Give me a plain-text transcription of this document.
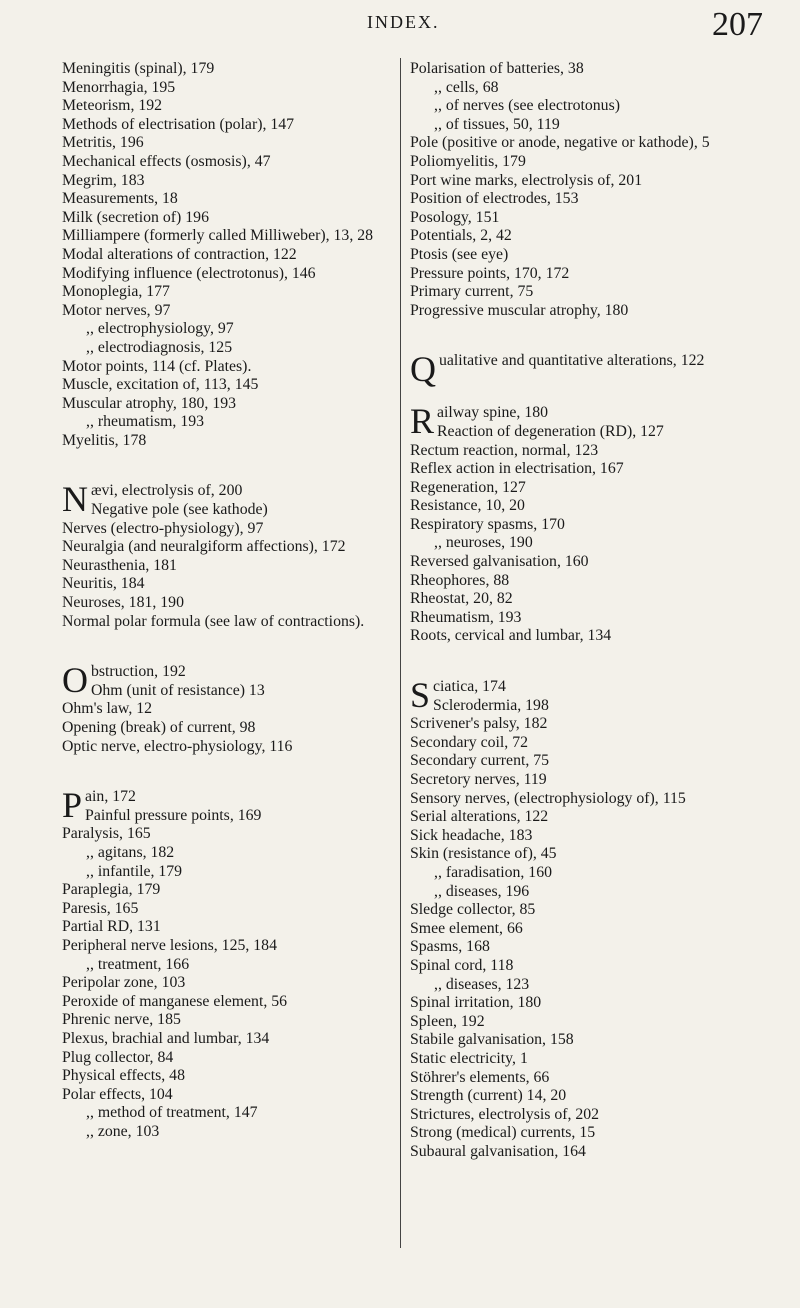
INDEX.	207
Meningitis (spinal), 179
Menorrhagia, 195
Meteorism, 192
Methods of electrisation (polar), 147
Metritis, 196
Mechanical effects (osmosis), 47
Megrim, 183
Measurements, 18
Milk (secretion of) 196
Milliampere (formerly called Milliweber), 13, 28
Modal alterations of contraction, 122
Modifying influence (electrotonus), 146
Monoplegia, 177
Motor nerves, 97
,, electrophysiology, 97
,, electrodiagnosis, 125
Motor points, 114 (cf. Plates).
Muscle, excitation of, 113, 145
Muscular atrophy, 180, 193
,, rheumatism, 193
Myelitis, 178
N ævi, electrolysis of, 200
Negative pole (see kathode)
Nerves (electro-physiology), 97
Neuralgia (and neuralgiform affections), 172
Neurasthenia, 181
Neuritis, 184
Neuroses, 181, 190
Normal polar formula (see law of contractions).
O bstruction, 192
Ohm (unit of resistance) 13
Ohm's law, 12
Opening (break) of current, 98
Optic nerve, electro-physiology, 116
P ain, 172
Painful pressure points, 169
Paralysis, 165
,, agitans, 182
,, infantile, 179
Paraplegia, 179
Paresis, 165
Partial RD, 131
Peripheral nerve lesions, 125, 184
,, treatment, 166
Peripolar zone, 103
Peroxide of manganese element, 56
Phrenic nerve, 185
Plexus, brachial and lumbar, 134
Plug collector, 84
Physical effects, 48
Polar effects, 104
,, method of treatment, 147
,, zone, 103
Polarisation of batteries, 38
,, cells, 68
,, of nerves (see electrotonus)
,, of tissues, 50, 119
Pole (positive or anode, negative or kathode), 5
Poliomyelitis, 179
Port wine marks, electrolysis of, 201
Position of electrodes, 153
Posology, 151
Potentials, 2, 42
Ptosis (see eye)
Pressure points, 170, 172
Primary current, 75
Progressive muscular atrophy, 180
Q ualitative and quantitative alterations, 122
R ailway spine, 180
Reaction of degeneration (RD), 127
Rectum reaction, normal, 123
Reflex action in electrisation, 167
Regeneration, 127
Resistance, 10, 20
Respiratory spasms, 170
,, neuroses, 190
Reversed galvanisation, 160
Rheophores, 88
Rheostat, 20, 82
Rheumatism, 193
Roots, cervical and lumbar, 134
S ciatica, 174
Sclerodermia, 198
Scrivener's palsy, 182
Secondary coil, 72
Secondary current, 75
Secretory nerves, 119
Sensory nerves, (electrophysiology of), 115
Serial alterations, 122
Sick headache, 183
Skin (resistance of), 45
,, faradisation, 160
,, diseases, 196
Sledge collector, 85
Smee element, 66
Spasms, 168
Spinal cord, 118
,, diseases, 123
Spinal irritation, 180
Spleen, 192
Stabile galvanisation, 158
Static electricity, 1
Stöhrer's elements, 66
Strength (current) 14, 20
Strictures, electrolysis of, 202
Strong (medical) currents, 15
Subaural galvanisation, 164
